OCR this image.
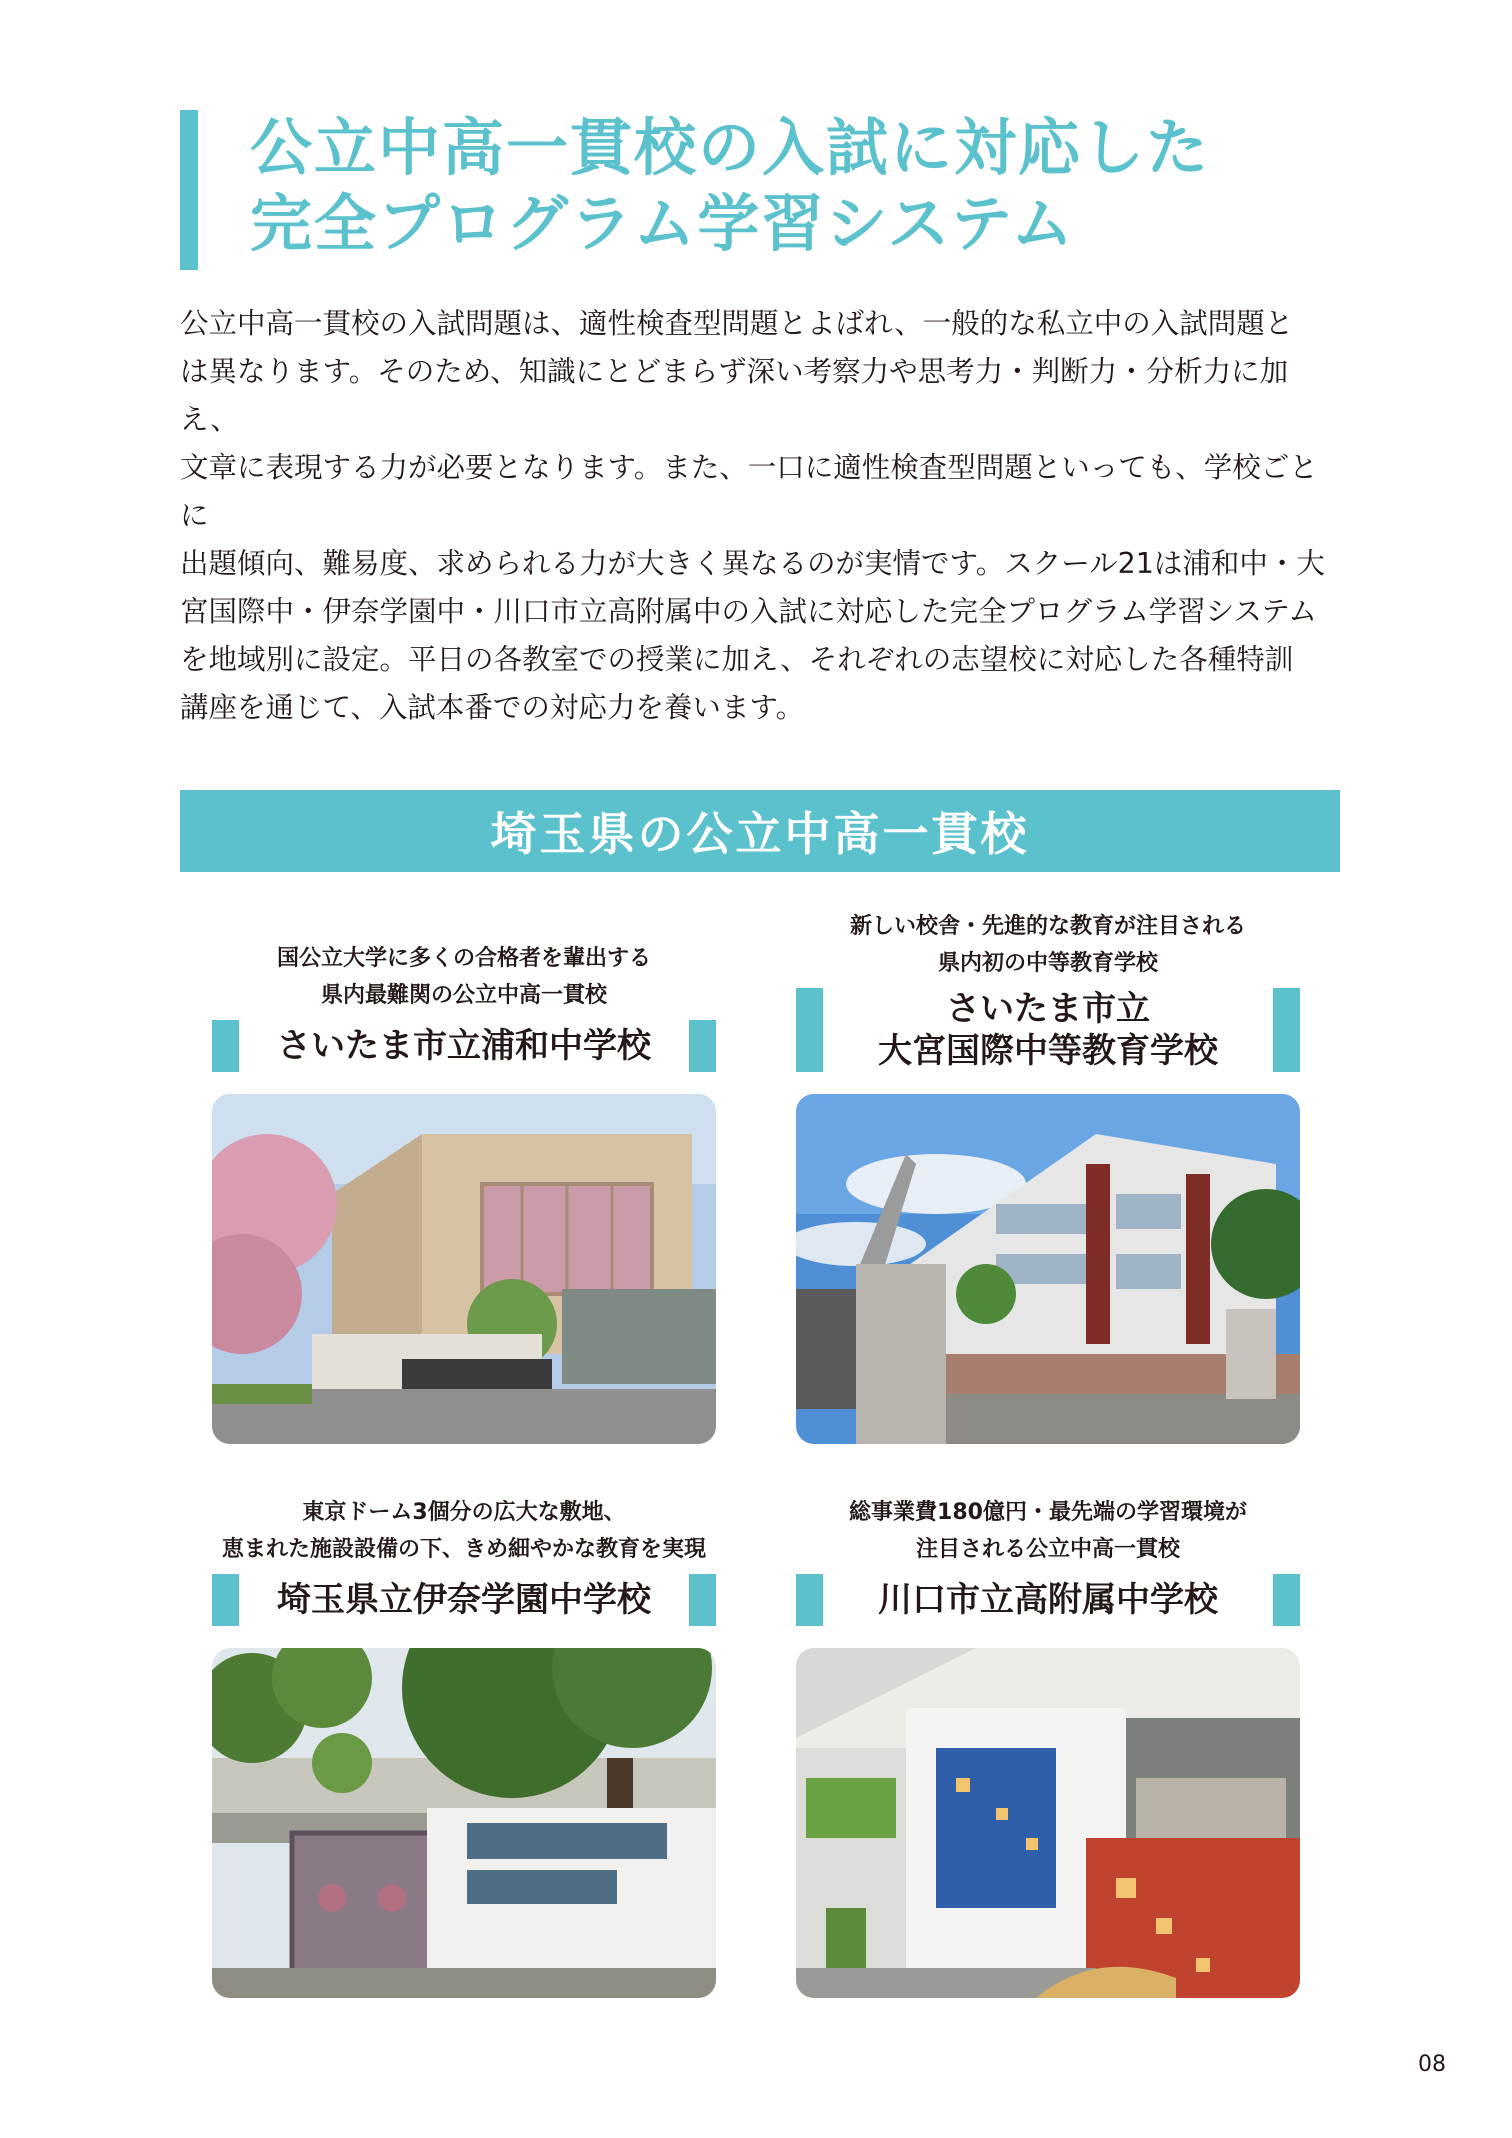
公立中高一貫校の入試に対応した
完全プログラム学習システム

公立中高一貫校の入試問題は、適性検査型問題とよばれ、一般的な私立中の入試問題と
は異なります。そのため、知識にとどまらず深い考察力や思考力・判断力・分析力に加え、
文章に表現する力が必要となります。また、一口に適性検査型問題といっても、学校ごとに
出題傾向、難易度、求められる力が大きく異なるのが実情です。スクール21は浦和中・大
宮国際中・伊奈学園中・川口市立高附属中の入試に対応した完全プログラム学習システム
を地域別に設定。平日の各教室での授業に加え、それぞれの志望校に対応した各種特訓
講座を通じて、入試本番での対応力を養います。

埼玉県の公立中高一貫校
国公立大学に多くの合格者を輩出する
県内最難関の公立中高一貫校
さいたま市立浦和中学校
新しい校舎・先進的な教育が注目される
県内初の中等教育学校
さいたま市立
大宮国際中等教育学校
東京ドーム3個分の広大な敷地、
恵まれた施設設備の下、きめ細やかな教育を実現
埼玉県立伊奈学園中学校
総事業費180億円・最先端の学習環境が
注目される公立中高一貫校
川口市立高附属中学校
08
